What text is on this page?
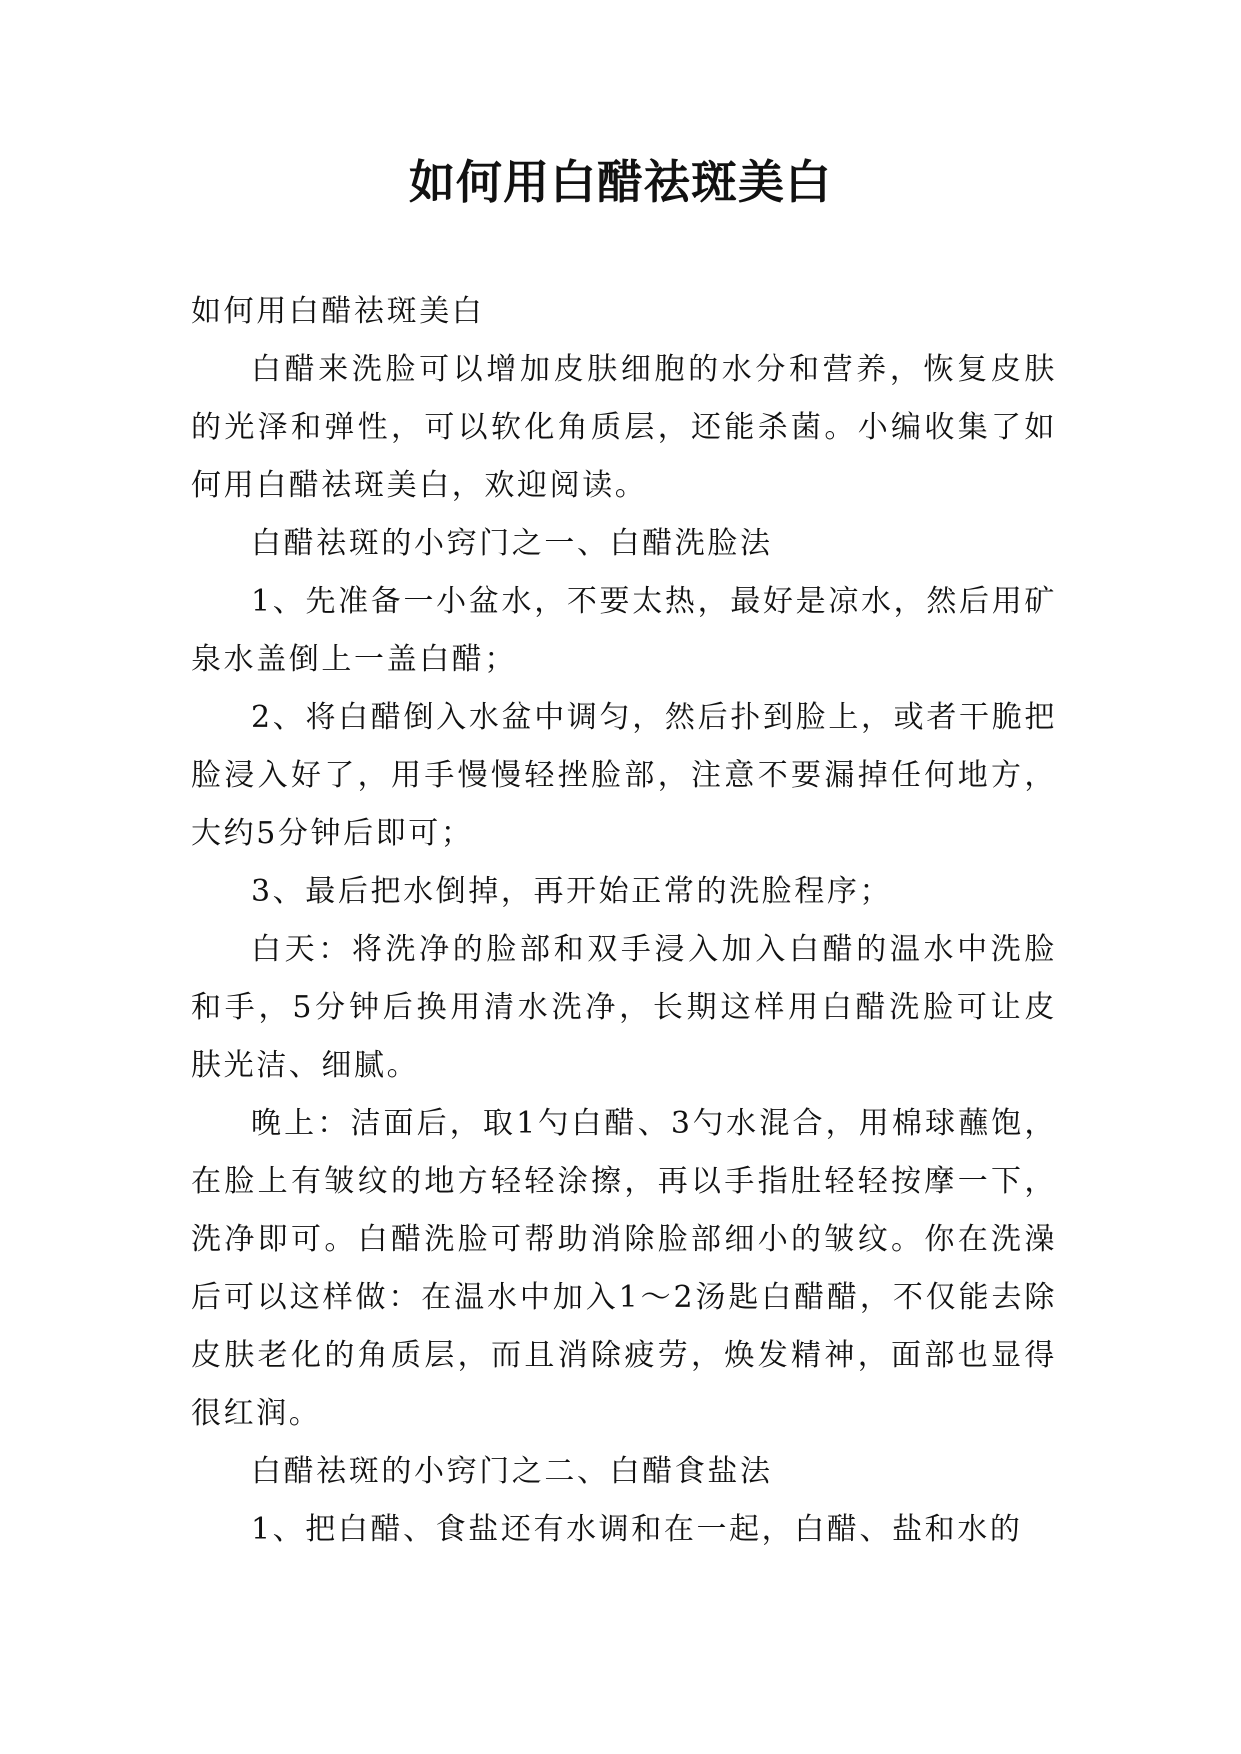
如何用白醋祛斑美白

如何用白醋祛斑美白

白醋来洗脸可以增加皮肤细胞的水分和营养，恢复皮肤的光泽和弹性，可以软化角质层，还能杀菌。小编收集了如何用白醋祛斑美白，欢迎阅读。

白醋祛斑的小窍门之一、白醋洗脸法

1、先准备一小盆水，不要太热，最好是凉水，然后用矿泉水盖倒上一盖白醋；

2、将白醋倒入水盆中调匀，然后扑到脸上，或者干脆把脸浸入好了，用手慢慢轻挫脸部，注意不要漏掉任何地方，大约5分钟后即可；

3、最后把水倒掉，再开始正常的洗脸程序；

白天：将洗净的脸部和双手浸入加入白醋的温水中洗脸和手，5分钟后换用清水洗净，长期这样用白醋洗脸可让皮肤光洁、细腻。

晚上：洁面后，取1勺白醋、3勺水混合，用棉球蘸饱，在脸上有皱纹的地方轻轻涂擦，再以手指肚轻轻按摩一下，洗净即可。白醋洗脸可帮助消除脸部细小的皱纹。你在洗澡后可以这样做：在温水中加入1～2汤匙白醋醋，不仅能去除皮肤老化的角质层，而且消除疲劳，焕发精神，面部也显得很红润。

白醋祛斑的小窍门之二、白醋食盐法

1、把白醋、食盐还有水调和在一起，白醋、盐和水的
